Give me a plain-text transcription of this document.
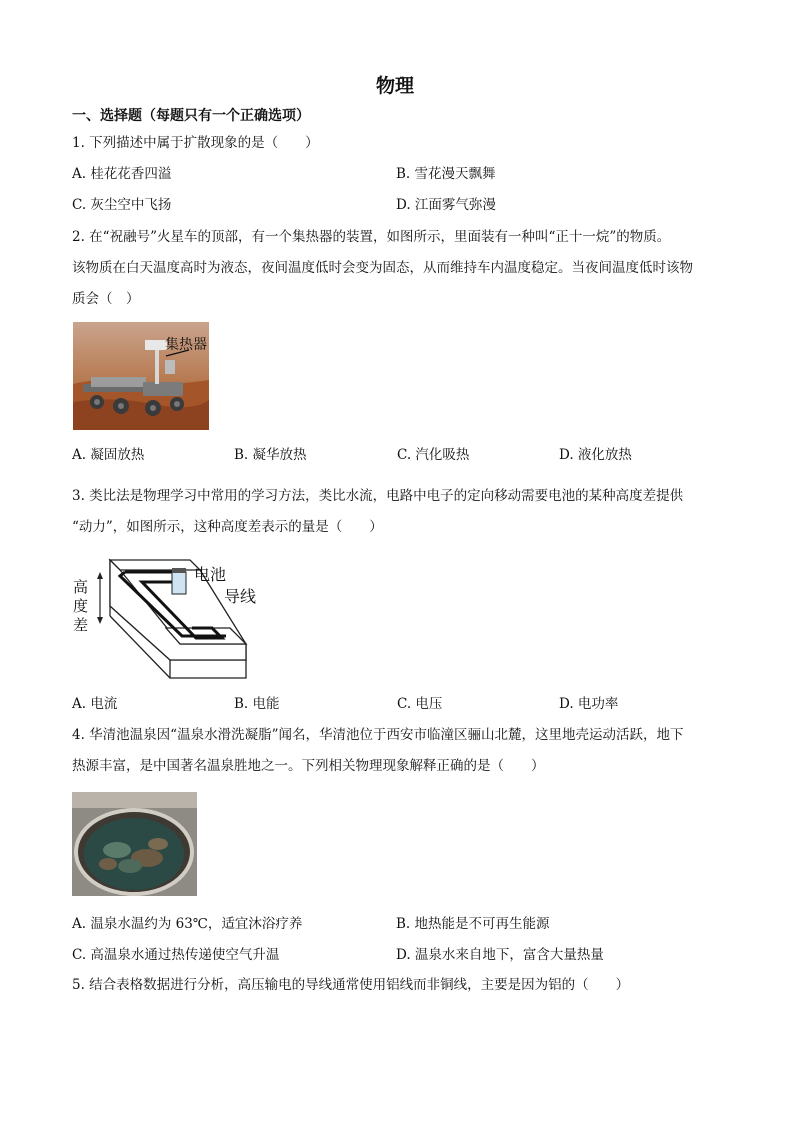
物理
一、选择题（每题只有一个正确选项）
1. 下列描述中属于扩散现象的是（　　）
A. 桂花花香四溢	B. 雪花漫天飘舞
C. 灰尘空中飞扬	D. 江面雾气弥漫
2. 在“祝融号”火星车的顶部，有一个集热器的装置，如图所示，里面装有一种叫“正十一烷”的物质。
该物质在白天温度高时为液态，夜间温度低时会变为固态，从而维持车内温度稳定。当夜间温度低时该物
质会（　）
集热器
A. 凝固放热	B. 凝华放热	C. 汽化吸热	D. 液化放热
3. 类比法是物理学习中常用的学习方法，类比水流，电路中电子的定向移动需要电池的某种高度差提供
“动力”，如图所示，这种高度差表示的量是（　　）
高度差
电池
导线
A. 电流	B. 电能	C. 电压	D. 电功率
4. 华清池温泉因“温泉水滑洗凝脂”闻名，华清池位于西安市临潼区骊山北麓，这里地壳运动活跃，地下
热源丰富，是中国著名温泉胜地之一。下列相关物理现象解释正确的是（　　）
A. 温泉水温约为 63℃，适宜沐浴疗养	B. 地热能是不可再生能源
C. 高温泉水通过热传递使空气升温	D. 温泉水来自地下，富含大量热量
5. 结合表格数据进行分析，高压输电的导线通常使用铝线而非铜线，主要是因为铝的（　　）
